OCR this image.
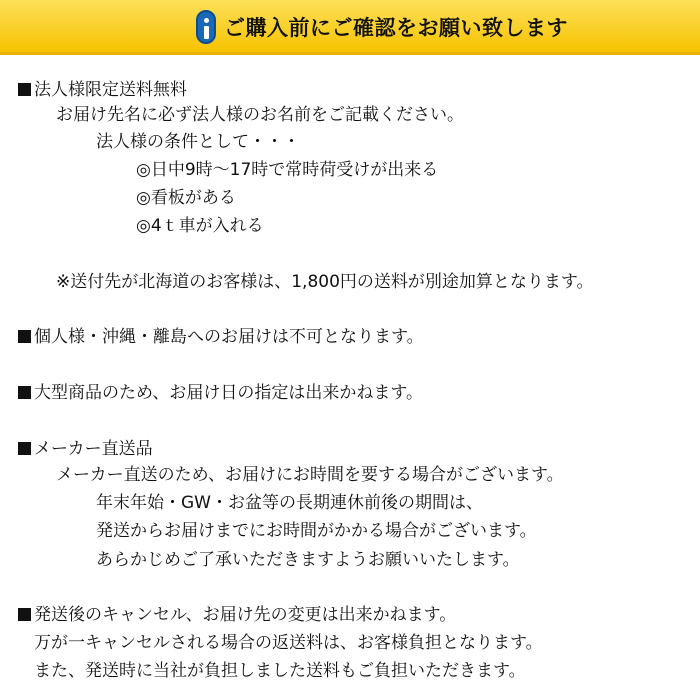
ご購入前にご確認をお願い致します
法人様限定送料無料
お届け先名に必ず法人様のお名前をご記載ください。
法人様の条件として・・・
◎日中9時～17時で常時荷受けが出来る
◎看板がある
◎4ｔ車が入れる
※送付先が北海道のお客様は、1,800円の送料が別途加算となります。
個人様・沖縄・離島へのお届けは不可となります。
大型商品のため、お届け日の指定は出来かねます。
メーカー直送品
メーカー直送のため、お届けにお時間を要する場合がございます。
年末年始・GW・お盆等の長期連休前後の期間は、
発送からお届けまでにお時間がかかる場合がございます。
あらかじめご了承いただきますようお願いいたします。
発送後のキャンセル、お届け先の変更は出来かねます。
万が一キャンセルされる場合の返送料は、お客様負担となります。
また、発送時に当社が負担しました送料もご負担いただきます。
